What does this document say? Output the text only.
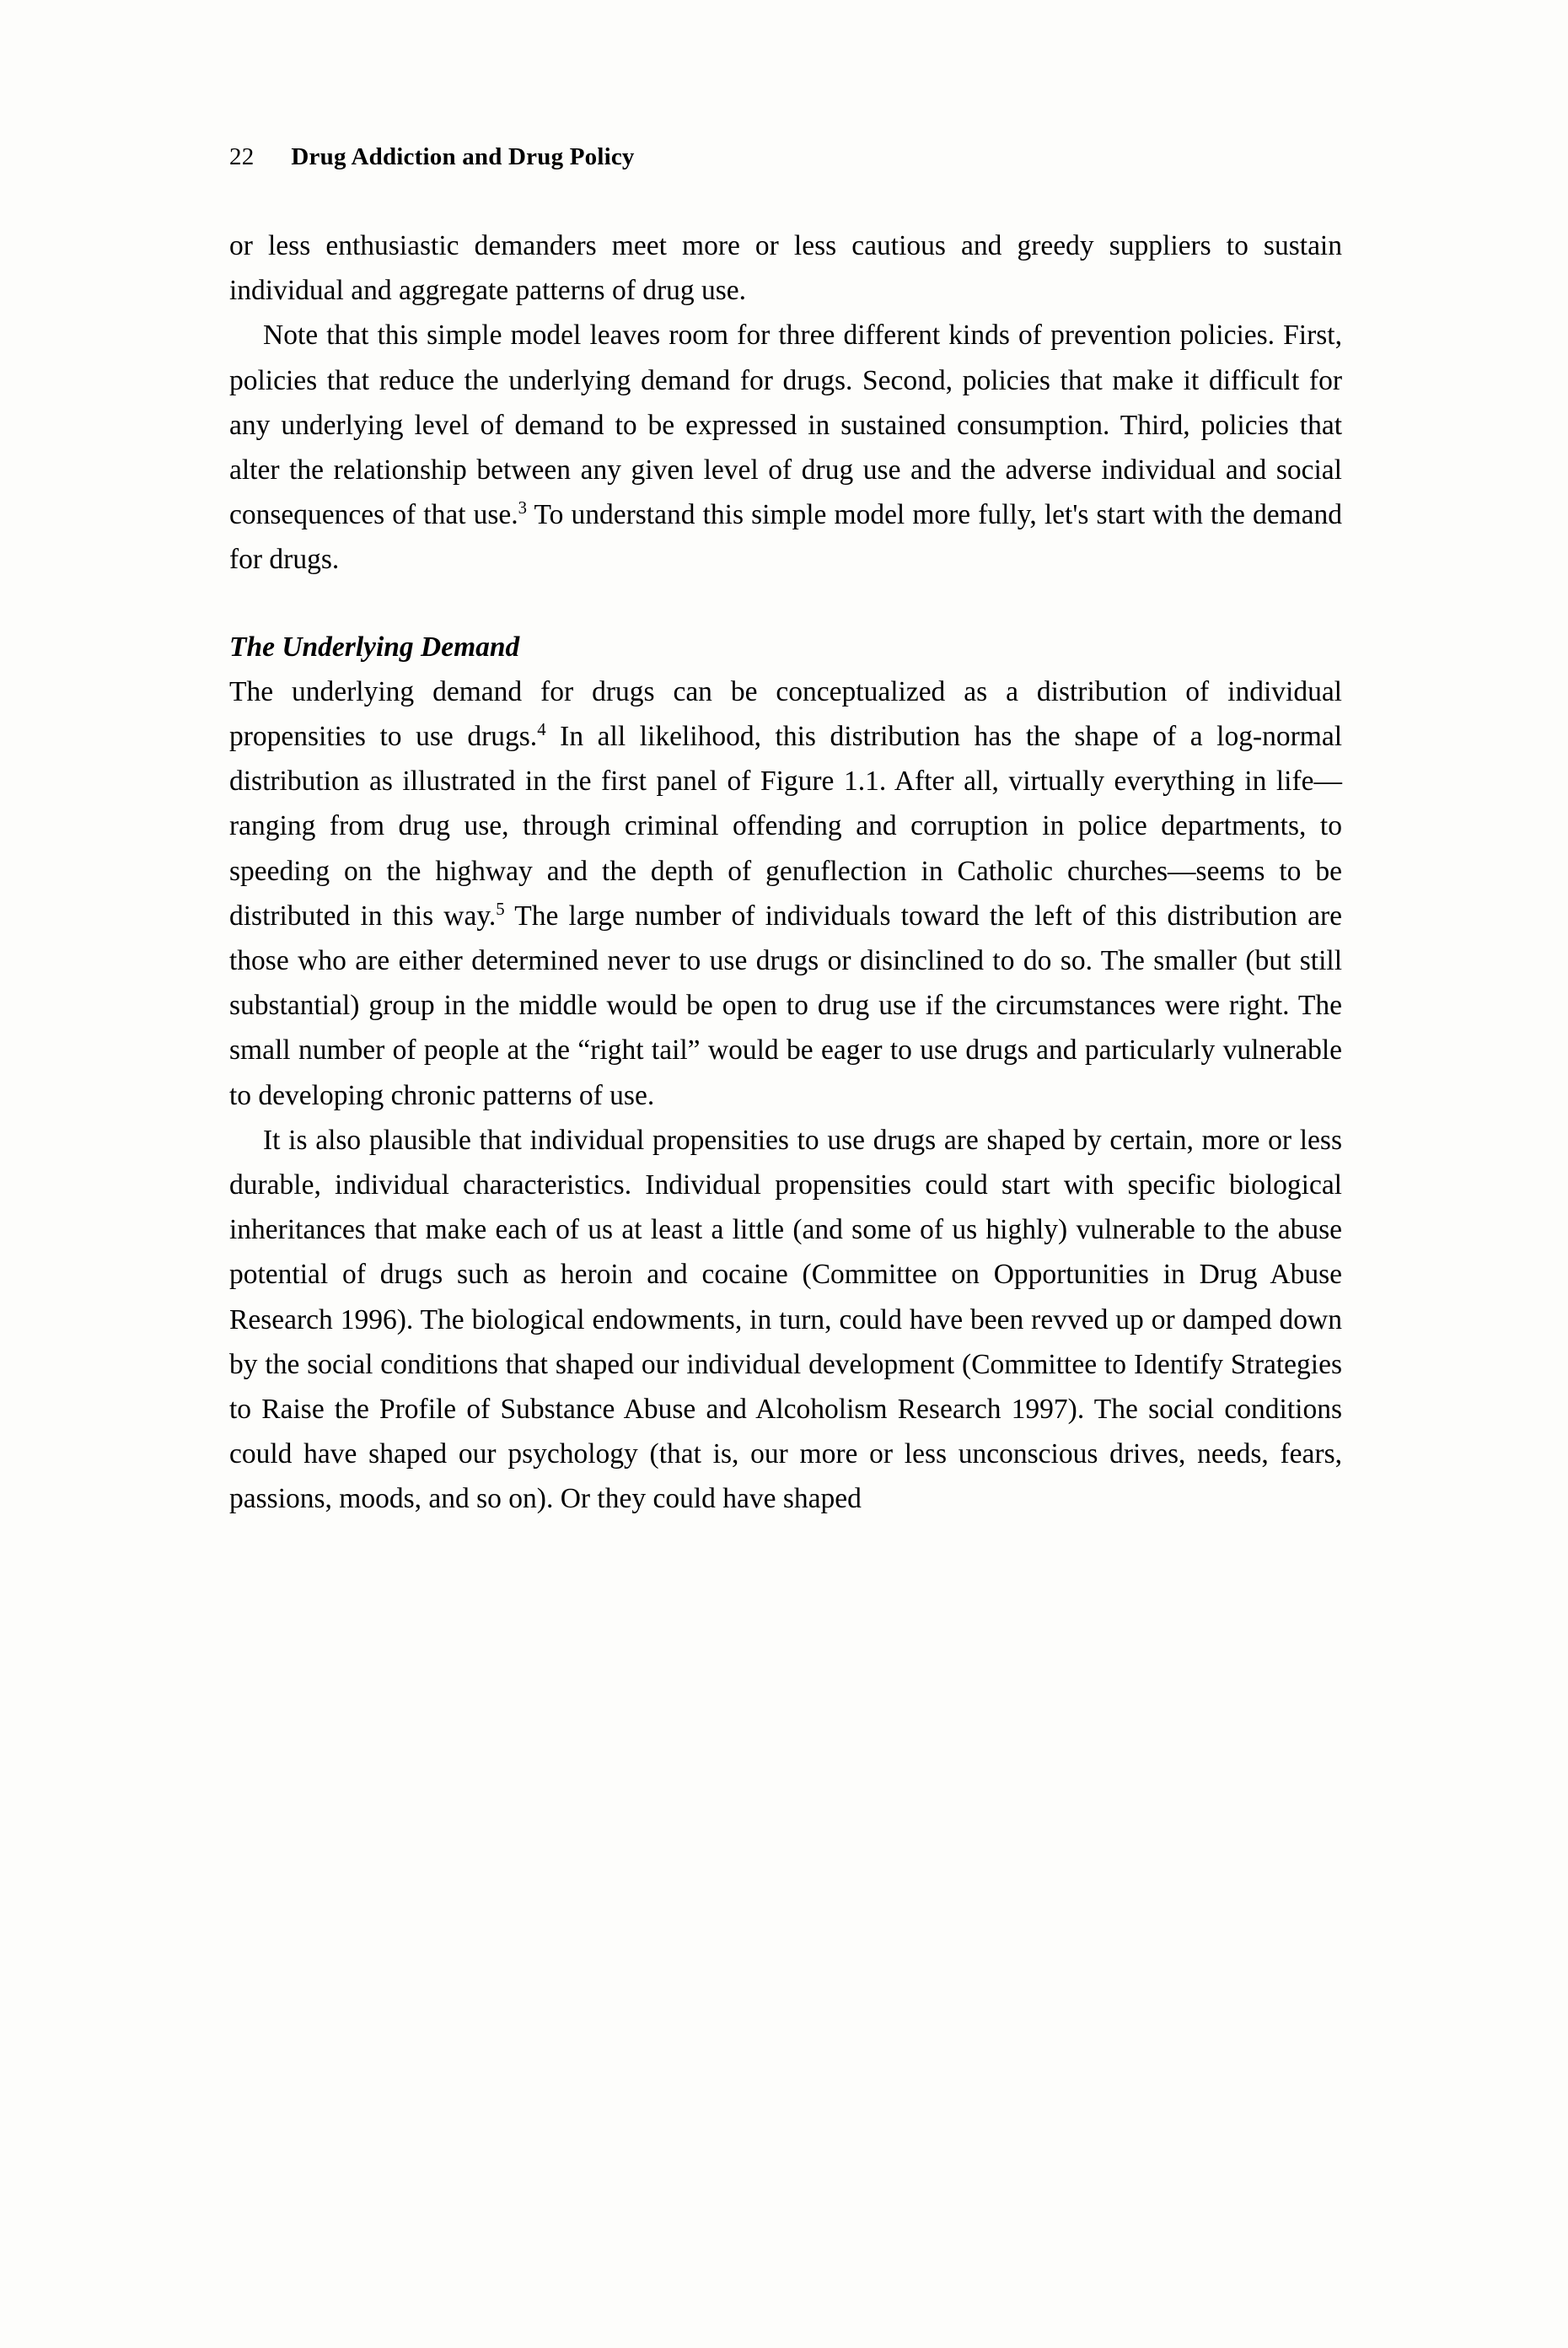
22 Drug Addiction and Drug Policy

or less enthusiastic demanders meet more or less cautious and greedy suppliers to sustain individual and aggregate patterns of drug use.

Note that this simple model leaves room for three different kinds of prevention policies. First, policies that reduce the underlying demand for drugs. Second, policies that make it difficult for any underlying level of demand to be expressed in sustained consumption. Third, policies that alter the relationship between any given level of drug use and the adverse individual and social consequences of that use.$^3$ To understand this simple model more fully, let's start with the demand for drugs.

The Underlying Demand

The underlying demand for drugs can be conceptualized as a distribution of individual propensities to use drugs.$^4$ In all likelihood, this distribution has the shape of a log-normal distribution as illustrated in the first panel of Figure 1.1. After all, virtually everything in life—ranging from drug use, through criminal offending and corruption in police departments, to speeding on the highway and the depth of genuflection in Catholic churches—seems to be distributed in this way.$^5$ The large number of individuals toward the left of this distribution are those who are either determined never to use drugs or disinclined to do so. The smaller (but still substantial) group in the middle would be open to drug use if the circumstances were right. The small number of people at the “right tail” would be eager to use drugs and particularly vulnerable to developing chronic patterns of use.

It is also plausible that individual propensities to use drugs are shaped by certain, more or less durable, individual characteristics. Individual propensities could start with specific biological inheritances that make each of us at least a little (and some of us highly) vulnerable to the abuse potential of drugs such as heroin and cocaine (Committee on Opportunities in Drug Abuse Research 1996). The biological endowments, in turn, could have been revved up or damped down by the social conditions that shaped our individual development (Committee to Identify Strategies to Raise the Profile of Substance Abuse and Alcoholism Research 1997). The social conditions could have shaped our psychology (that is, our more or less unconscious drives, needs, fears, passions, moods, and so on). Or they could have shaped
